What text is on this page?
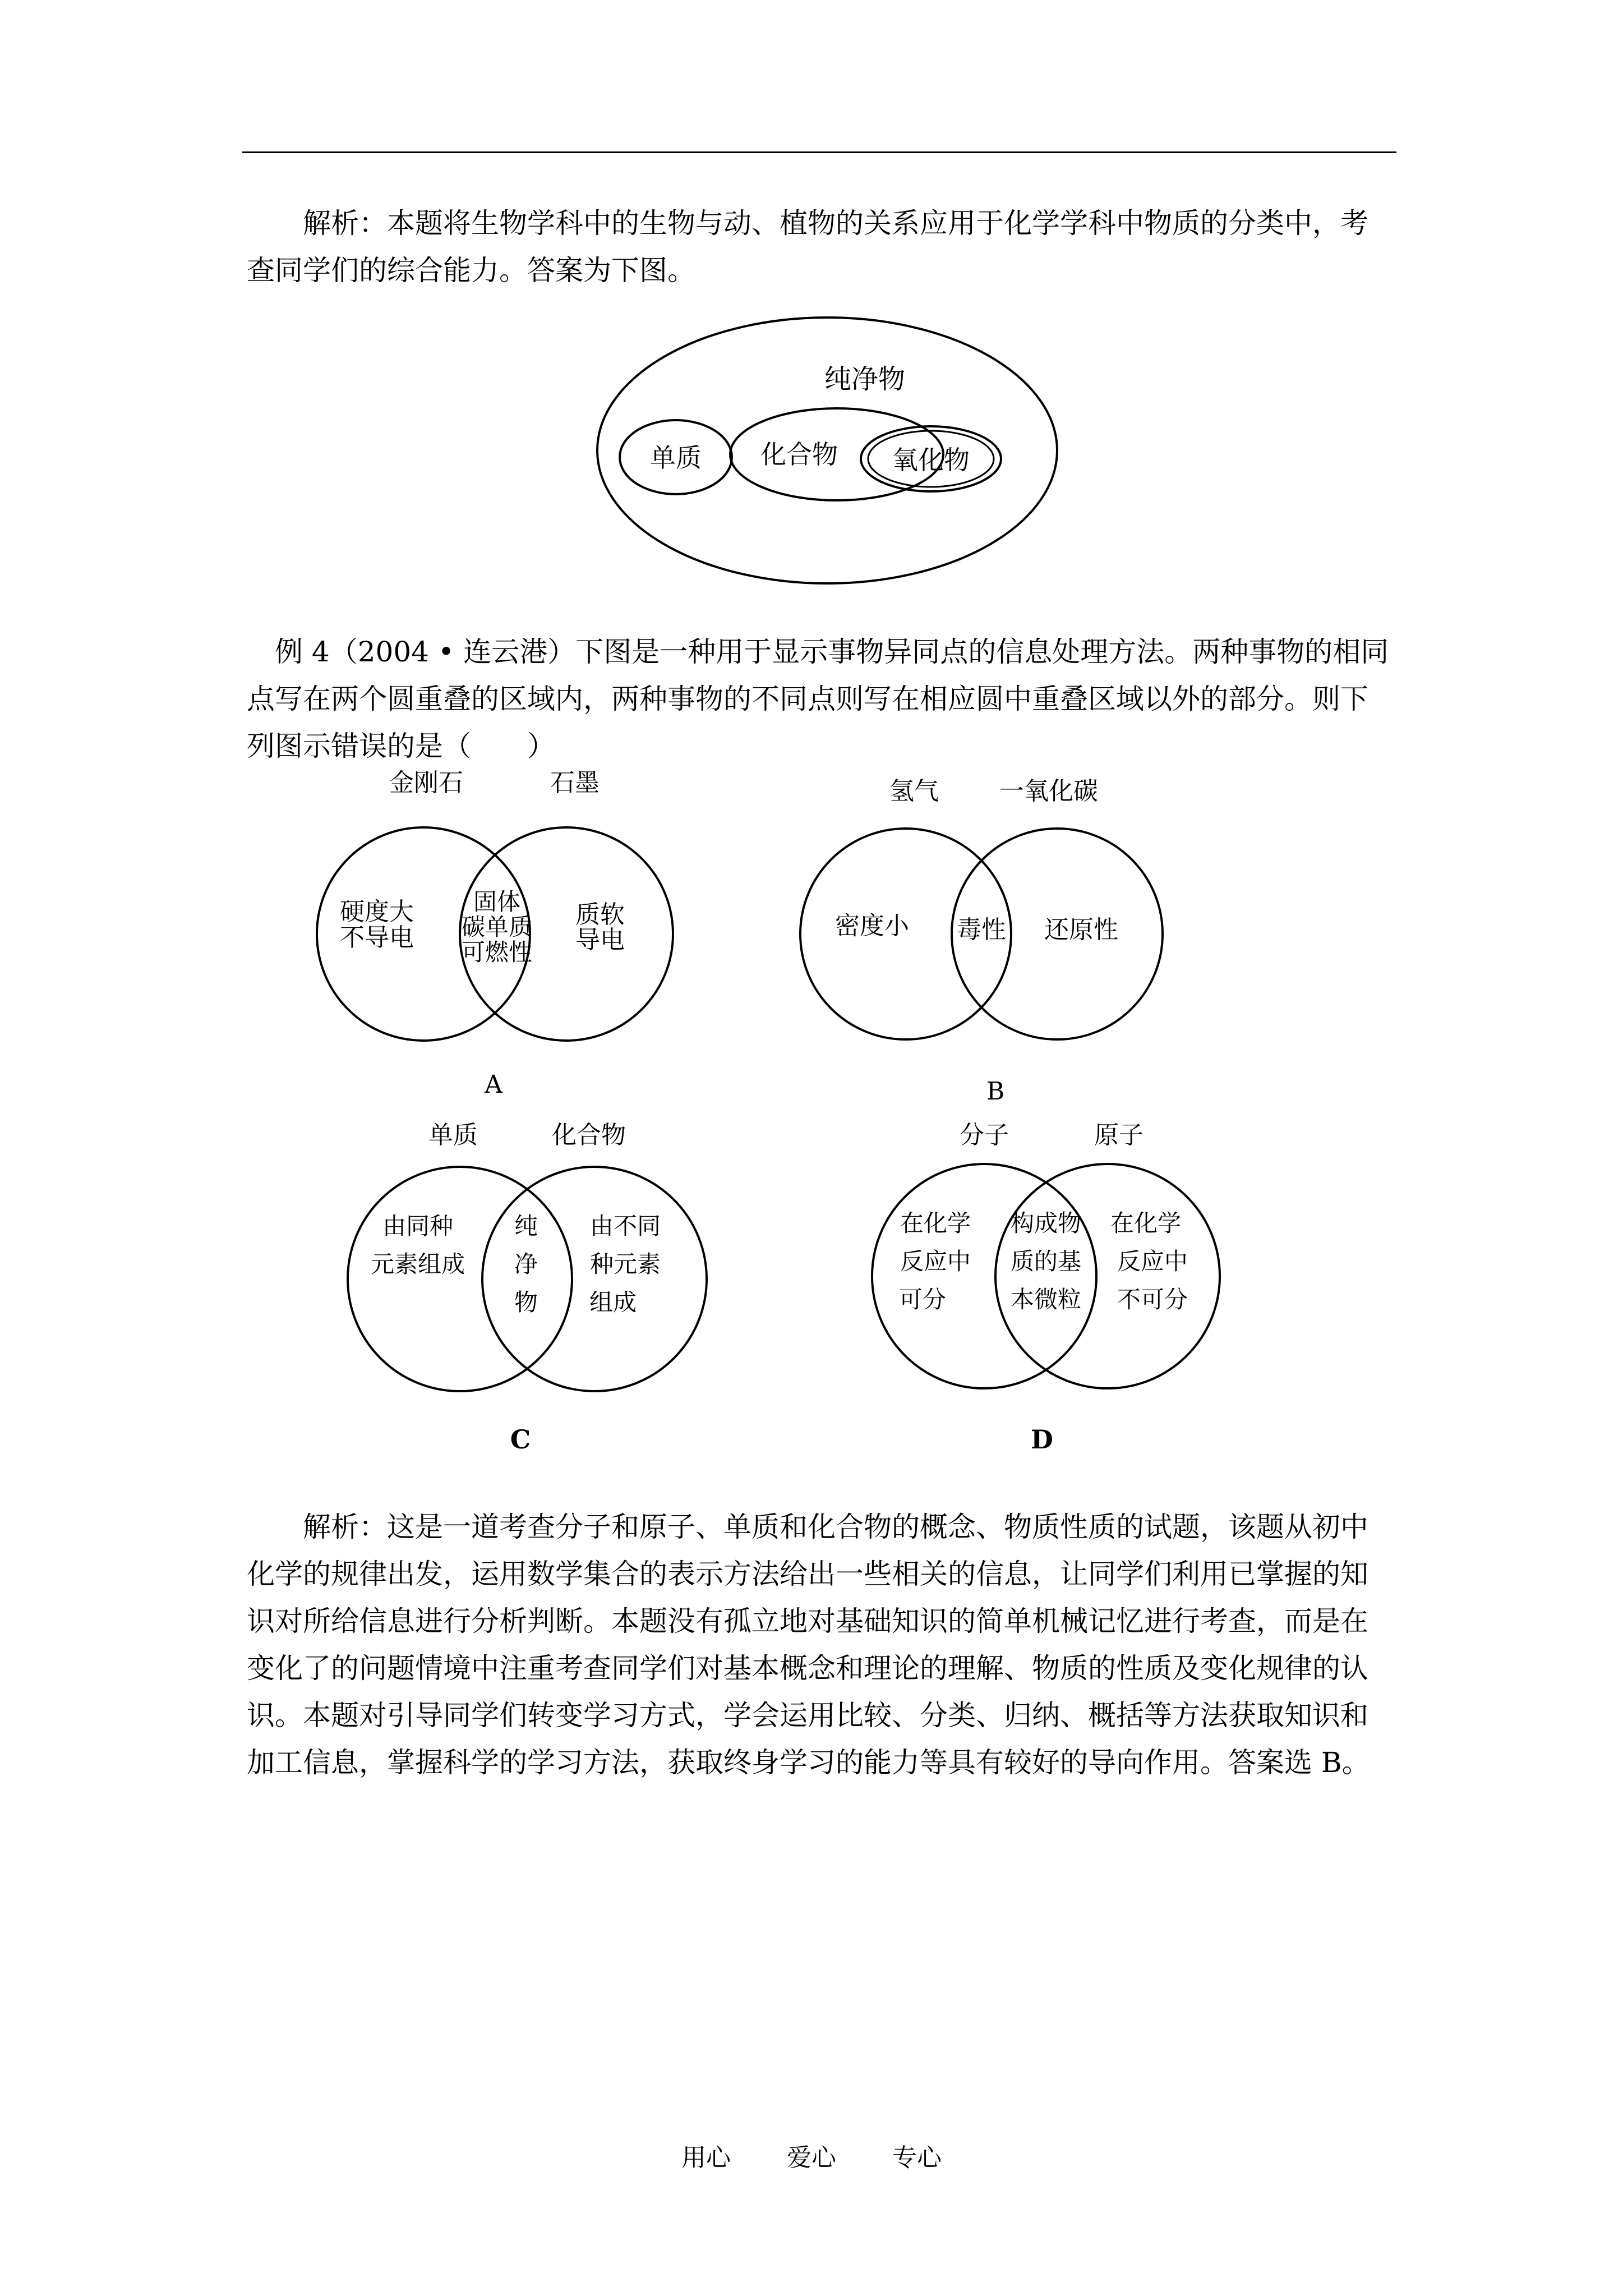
解析：本题将生物学科中的生物与动、植物的关系应用于化学学科中物质的分类中，考
查同学们的综合能力。答案为下图。

纯净物
单质 化合物 氧化物
金刚石	石墨
硬度大
不导电
固体
碳单质
可燃性
质软
导电
A
氢气 一氧化碳
密度小 毒性 还原性
B
单质	化合物
由同种
元素组成
纯
净
物
由不同
种元素
组成
C
分子	原子
在化学
反应中
可分
构成物
质的基
本微粒
在化学
反应中
不可分
D

例 4（2004 • 连云港）下图是一种用于显示事物异同点的信息处理方法。两种事物的相同
点写在两个圆重叠的区域内，两种事物的不同点则写在相应圆中重叠区域以外的部分。则下
列图示错误的是（　　）

解析：这是一道考查分子和原子、单质和化合物的概念、物质性质的试题，该题从初中
化学的规律出发，运用数学集合的表示方法给出一些相关的信息，让同学们利用已掌握的知
识对所给信息进行分析判断。本题没有孤立地对基础知识的简单机械记忆进行考查，而是在
变化了的问题情境中注重考查同学们对基本概念和理论的理解、物质的性质及变化规律的认
识。本题对引导同学们转变学习方式，学会运用比较、分类、归纳、概括等方法获取知识和
加工信息，掌握科学的学习方法，获取终身学习的能力等具有较好的导向作用。答案选 B。

用心 爱心 专心
